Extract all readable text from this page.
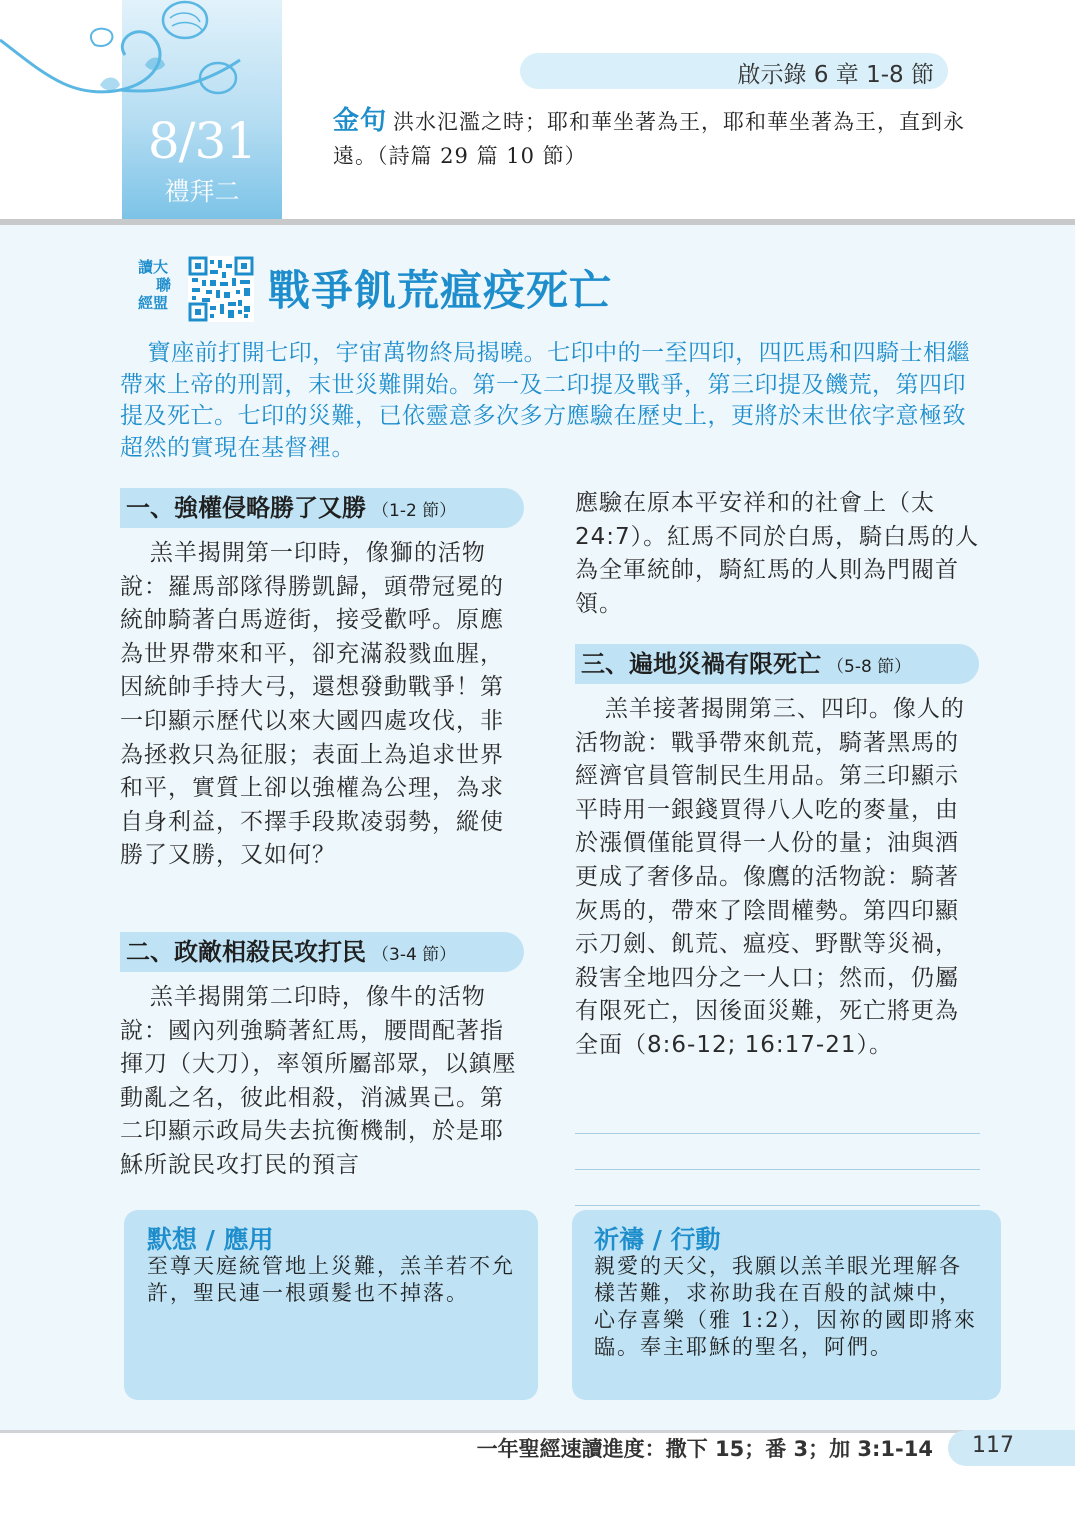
8/31
禮拜二
啟示錄 6 章 1-8 節
金句 洪水氾濫之時；耶和華坐著為王，耶和華坐著為王，直到永遠。（詩篇 29 篇 10 節）
讀大
聯
經盟	戰爭飢荒瘟疫死亡
寶座前打開七印，宇宙萬物終局揭曉。七印中的一至四印，四匹馬和四騎士相繼帶來上帝的刑罰，末世災難開始。第一及二印提及戰爭，第三印提及饑荒，第四印提及死亡。七印的災難，已依靈意多次多方應驗在歷史上，更將於末世依字意極致超然的實現在基督裡。
一、強權侵略勝了又勝 （1-2 節）
羔羊揭開第一印時，像獅的活物說：羅馬部隊得勝凱歸，頭帶冠冕的統帥騎著白馬遊街，接受歡呼。原應為世界帶來和平，卻充滿殺戮血腥，因統帥手持大弓，還想發動戰爭！第一印顯示歷代以來大國四處攻伐，非為拯救只為征服；表面上為追求世界和平，實質上卻以強權為公理，為求自身利益，不擇手段欺凌弱勢，縱使勝了又勝，又如何？
二、政敵相殺民攻打民 （3-4 節）
羔羊揭開第二印時，像牛的活物說：國內列強騎著紅馬，腰間配著指揮刀（大刀），率領所屬部眾，以鎮壓動亂之名，彼此相殺，消滅異己。第二印顯示政局失去抗衡機制，於是耶穌所說民攻打民的預言
應驗在原本平安祥和的社會上（太 24:7）。紅馬不同於白馬，騎白馬的人為全軍統帥，騎紅馬的人則為門閥首領。
三、遍地災禍有限死亡 （5-8 節）
羔羊接著揭開第三、四印。像人的活物說：戰爭帶來飢荒，騎著黑馬的經濟官員管制民生用品。第三印顯示平時用一銀錢買得八人吃的麥量，由於漲價僅能買得一人份的量；油與酒更成了奢侈品。像鷹的活物說：騎著灰馬的，帶來了陰間權勢。第四印顯示刀劍、飢荒、瘟疫、野獸等災禍，殺害全地四分之一人口；然而，仍屬有限死亡，因後面災難，死亡將更為全面（8:6-12; 16:17-21）。
默想 / 應用
至尊天庭統管地上災難，羔羊若不允許，聖民連一根頭髮也不掉落。
祈禱 / 行動
親愛的天父，我願以羔羊眼光理解各樣苦難，求祢助我在百般的試煉中，心存喜樂（雅 1:2），因祢的國即將來臨。奉主耶穌的聖名，阿們。
一年聖經速讀進度：撒下 15；番 3；加 3:1-14 117
